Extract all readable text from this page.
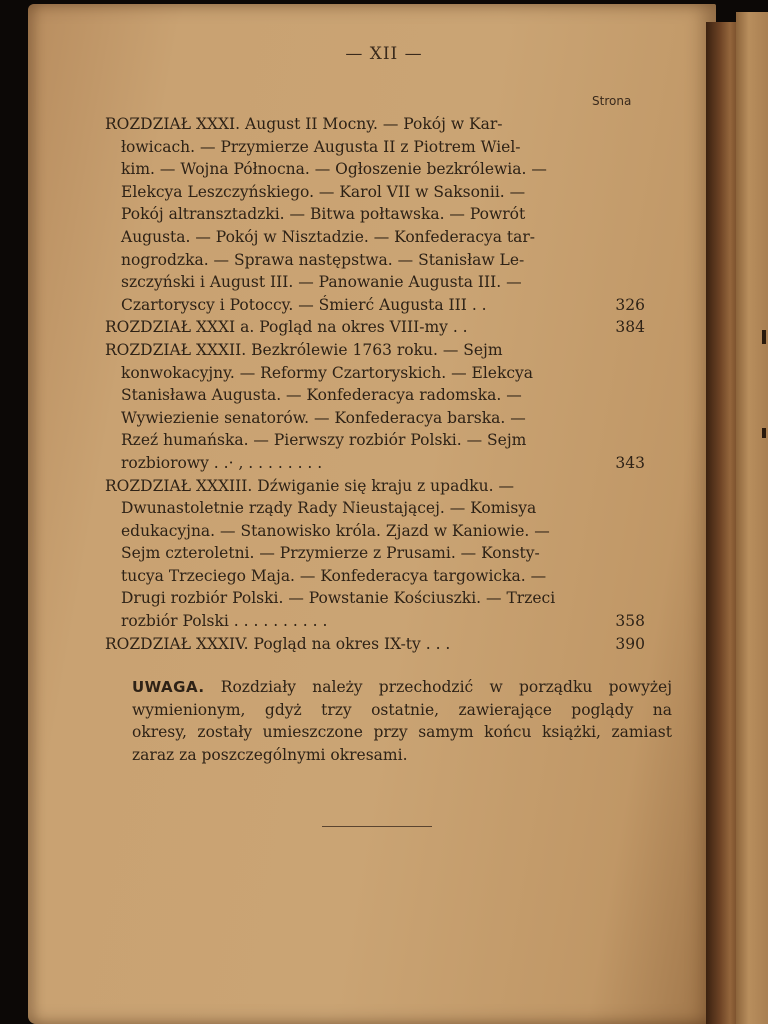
— XII —
Strona
ROZDZIAŁ XXXI. August II Mocny. — Pokój w Kar-
łowicach. — Przymierze Augusta II z Piotrem Wiel-
kim. — Wojna Północna. — Ogłoszenie bezkrólewia. —
Elekcya Leszczyńskiego. — Karol VII w Saksonii. —
Pokój altransztadzki. — Bitwa połtawska. — Powrót
Augusta. — Pokój w Nisztadzie. — Konfederacya tar-
nogrodzka. — Sprawa następstwa. — Stanisław Le-
szczyński i August III. — Panowanie Augusta III. —
Czartoryscy i Potoccy. — Śmierć Augusta III . .	326
ROZDZIAŁ XXXI a. Pogląd na okres VIII-my . .	384
ROZDZIAŁ XXXII. Bezkrólewie 1763 roku. — Sejm
konwokacyjny. — Reformy Czartoryskich. — Elekcya
Stanisława Augusta. — Konfederacya radomska. —
Wywiezienie senatorów. — Konfederacya barska. —
Rzeź humańska. — Pierwszy rozbiór Polski. — Sejm
rozbiorowy . .· , . . . . . . . .	343
ROZDZIAŁ XXXIII. Dźwiganie się kraju z upadku. —
Dwunastoletnie rządy Rady Nieustającej. — Komisya
edukacyjna. — Stanowisko króla. Zjazd w Kaniowie. —
Sejm czteroletni. — Przymierze z Prusami. — Konsty-
tucya Trzeciego Maja. — Konfederacya targowicka. —
Drugi rozbiór Polski. — Powstanie Kościuszki. — Trzeci
rozbiór Polski . . . . . . . . . .	358
ROZDZIAŁ XXXIV. Pogląd na okres IX-ty . . .	390
UWAGA. Rozdziały należy przechodzić w porządku powyżej
wymienionym, gdyż trzy ostatnie, zawierające poglądy na
okresy, zostały umieszczone przy samym końcu książki, zamiast
zaraz za poszczególnymi okresami.
